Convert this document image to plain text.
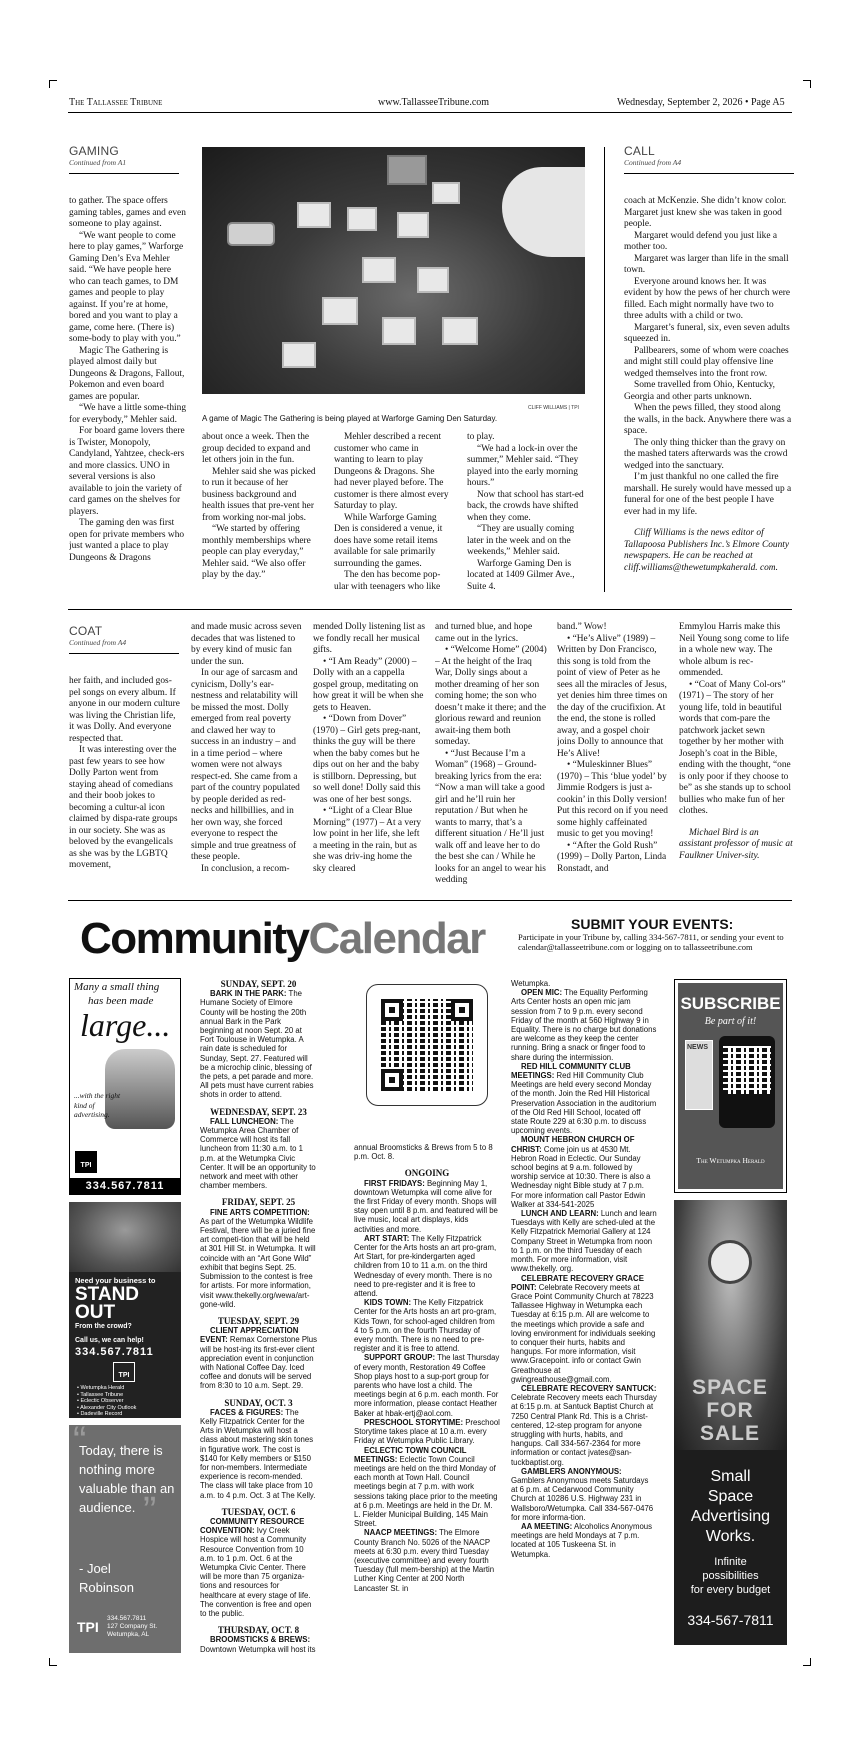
The Tallassee Tribune	www.TallasseeTribune.com	Wednesday, September 2, 2026 • Page A5
GAMING
Continued from A1
CLIFF WILLIAMS | TPI
A game of Magic The Gathering is being played at Warforge Gaming Den Saturday.

to gather. The space offers gaming tables, games and even someone to play against.

“We want people to come here to play games,” Warforge Gaming Den’s Eva Mehler said. “We have people here who can teach games, to DM games and people to play against. If you’re at home, bored and you want to play a game, come here. (There is) some-body to play with you.”

Magic The Gathering is played almost daily but Dungeons & Dragons, Fallout, Pokemon and even board games are popular.

“We have a little some-thing for everybody,” Mehler said.

For board game lovers there is Twister, Monopoly, Candyland, Yahtzee, check-ers and more classics. UNO in several versions is also available to join the variety of card games on the shelves for players.

The gaming den was first open for private members who just wanted a place to play Dungeons & Dragons

about once a week. Then the group decided to expand and let others join in the fun.

Mehler said she was picked to run it because of her business background and health issues that pre-vent her from working nor-mal jobs.

“We started by offering monthly memberships where people can play everyday,” Mehler said. “We also offer play by the day.”

Mehler described a recent customer who came in wanting to learn to play Dungeons & Dragons. She had never played before. The customer is there almost every Saturday to play.

While Warforge Gaming Den is considered a venue, it does have some retail items available for sale primarily surrounding the games.

The den has become pop-ular with teenagers who like

to play.

“We had a lock-in over the summer,” Mehler said. “They played into the early morning hours.”

Now that school has start-ed back, the crowds have shifted when they come.

“They are usually coming later in the week and on the weekends,” Mehler said.

Warforge Gaming Den is located at 1409 Gilmer Ave., Suite 4.

CALL
Continued from A4

coach at McKenzie. She didn’t know color. Margaret just knew she was taken in good people.

Margaret would defend you just like a mother too.

Margaret was larger than life in the small town.

Everyone around knows her. It was evident by how the pews of her church were filled. Each might normally have two to three adults with a child or two.

Margaret’s funeral, six, even seven adults squeezed in.

Pallbearers, some of whom were coaches and might still could play offensive line wedged themselves into the front row.

Some travelled from Ohio, Kentucky, Georgia and other parts unknown.

When the pews filled, they stood along the walls, in the back. Anywhere there was a space.

The only thing thicker than the gravy on the mashed taters afterwards was the crowd wedged into the sanctuary.

I’m just thankful no one called the fire marshall. He surely would have messed up a funeral for one of the best people I have ever had in my life.

Cliff Williams is the news editor of Tallapoosa Publishers Inc.’s Elmore County newspapers. He can be reached at cliff.williams@thewetumpkaherald. com.

COAT
Continued from A4

her faith, and included gos-pel songs on every album. If anyone in our modern culture was living the Christian life, it was Dolly. And everyone respected that.

It was interesting over the past few years to see how Dolly Parton went from staying ahead of comedians and their boob jokes to becoming a cultur-al icon claimed by dispa-rate groups in our society. She was as beloved by the evangelicals as she was by the LGBTQ movement,

and made music across seven decades that was listened to by every kind of music fan under the sun.

In our age of sarcasm and cynicism, Dolly’s ear-nestness and relatability will be missed the most. Dolly emerged from real poverty and clawed her way to success in an industry – and in a time period – where women were not always respect-ed. She came from a part of the country populated by people derided as red-necks and hillbillies, and in her own way, she forced everyone to respect the simple and true greatness of these people.

In conclusion, a recom-

mended Dolly listening list as we fondly recall her musical gifts.

• “I Am Ready” (2000) – Dolly with an a cappella gospel group, meditating on how great it will be when she gets to Heaven.

• “Down from Dover” (1970) – Girl gets preg-nant, thinks the guy will be there when the baby comes but he dips out on her and the baby is stillborn. Depressing, but so well done! Dolly said this was one of her best songs.

• “Light of a Clear Blue Morning” (1977) – At a very low point in her life, she left a meeting in the rain, but as she was driv-ing home the sky cleared

and turned blue, and hope came out in the lyrics.

• “Welcome Home” (2004) – At the height of the Iraq War, Dolly sings about a mother dreaming of her son coming home; the son who doesn’t make it there; and the glorious reward and reunion await-ing them both someday.

• “Just Because I’m a Woman” (1968) – Ground-breaking lyrics from the era: “Now a man will take a good girl and he’ll ruin her reputation / But when he wants to marry, that’s a different situation / He’ll just walk off and leave her to do the best she can / While he looks for an angel to wear his wedding

band.” Wow!

• “He’s Alive” (1989) – Written by Don Francisco, this song is told from the point of view of Peter as he sees all the miracles of Jesus, yet denies him three times on the day of the crucifixion. At the end, the stone is rolled away, and a gospel choir joins Dolly to announce that He’s Alive!

• “Muleskinner Blues” (1970) – This ‘blue yodel’ by Jimmie Rodgers is just a-cookin’ in this Dolly version! Put this record on if you need some highly caffeinated music to get you moving!

• “After the Gold Rush” (1999) – Dolly Parton, Linda Ronstadt, and

Emmylou Harris make this Neil Young song come to life in a whole new way. The whole album is rec-ommended.

• “Coat of Many Col-ors” (1971) – The story of her young life, told in beautiful words that com-pare the patchwork jacket sewn together by her mother with Joseph’s coat in the Bible, ending with the thought, “one is only poor if they choose to be” as she stands up to school bullies who make fun of her clothes.

Michael Bird is an assistant professor of music at Faulkner Univer-sity.

CommunityCalendar	SUBMIT YOUR EVENTS:
Participate in your Tribune by, calling 334-567-7811, or sending your event to calendar@tallasseetribune.com or logging on to tallasseetribune.com
Many a small thing
has been made
large...
...with the right
kind of advertising.
TPI
334.567.7811
Need your business to
STAND
OUT
From the crowd?
Call us, we can help!
334.567.7811
TPI
• Wetumpka Herald
• Tallassee Tribune
• Eclectic Observer
• Alexander City Outlook
• Dadeville Record
“
”
Today, there is nothing more valuable than an audience.
- Joel Robinson
TPI
334.567.7811
127 Company St.
Wetumpka, AL
SUNDAY, SEPT. 20
BARK IN THE PARK: The Humane Society of Elmore County will be hosting the 20th annual Bark in the Park beginning at noon Sept. 20 at Fort Toulouse in Wetumpka. A rain date is scheduled for Sunday, Sept. 27. Featured will be a microchip clinic, blessing of the pets, a pet parade and more. All pets must have current rabies shots in order to attend.
WEDNESDAY, SEPT. 23
FALL LUNCHEON: The Wetumpka Area Chamber of Commerce will host its fall luncheon from 11:30 a.m. to 1 p.m. at the Wetumpka Civic Center. It will be an opportunity to network and meet with other chamber members.
FRIDAY, SEPT. 25
FINE ARTS COMPETITION: As part of the Wetumpka Wildlife Festival, there will be a juried fine art competi-tion that will be held at 301 Hill St. in Wetumpka. It will coincide with an “Art Gone Wild” exhibit that begins Sept. 25. Submission to the contest is free for artists. For more information, visit www.thekelly.org/wewa/art-gone-wild.
TUESDAY, SEPT. 29
CLIENT APPRECIATION EVENT: Remax Cornerstone Plus will be host-ing its first-ever client appreciation event in conjunction with National Coffee Day. Iced coffee and donuts will be served from 8:30 to 10 a.m. Sept. 29.
SUNDAY, OCT. 3
FACES & FIGURES: The Kelly Fitzpatrick Center for the Arts in Wetumpka will host a class about mastering skin tones in figurative work. The cost is $140 for Kelly members or $150 for non-members. Intermediate experience is recom-mended. The class will take place from 10 a.m. to 4 p.m. Oct. 3 at The Kelly.
TUESDAY, OCT. 6
COMMUNITY RESOURCE CONVENTION: Ivy Creek Hospice will host a Community Resource Convention from 10 a.m. to 1 p.m. Oct. 6 at the Wetumpka Civic Center. There will be more than 75 organiza-tions and resources for healthcare at every stage of life. The convention is free and open to the public.
THURSDAY, OCT. 8
BROOMSTICKS & BREWS: Downtown Wetumpka will host its
annual Broomsticks & Brews from 5 to 8 p.m. Oct. 8.
ONGOING
FIRST FRIDAYS: Beginning May 1, downtown Wetumpka will come alive for the first Friday of every month. Shops will stay open until 8 p.m. and featured will be live music, local art displays, kids activities and more.
ART START: The Kelly Fitzpatrick Center for the Arts hosts an art pro-gram, Art Start, for pre-kindergarten aged children from 10 to 11 a.m. on the third Wednesday of every month. There is no need to pre-register and it is free to attend.
KIDS TOWN: The Kelly Fitzpatrick Center for the Arts hosts an art pro-gram, Kids Town, for school-aged children from 4 to 5 p.m. on the fourth Thursday of every month. There is no need to pre-register and it is free to attend.
SUPPORT GROUP: The last Thursday of every month, Restoration 49 Coffee Shop plays host to a sup-port group for parents who have lost a child. The meetings begin at 6 p.m. each month. For more information, please contact Heather Baker at hbak-ertj@aol.com.
PRESCHOOL STORYTIME: Preschool Storytime takes place at 10 a.m. every Friday at Wetumpka Public Library.
ECLECTIC TOWN COUNCIL MEETINGS: Eclectic Town Council meetings are held on the third Monday of each month at Town Hall. Council meetings begin at 7 p.m. with work sessions taking place prior to the meeting at 6 p.m. Meetings are held in the Dr. M. L. Fielder Municipal Building, 145 Main Street.
NAACP MEETINGS: The Elmore County Branch No. 5026 of the NAACP meets at 6:30 p.m. every third Tuesday (executive committee) and every fourth Tuesday (full mem-bership) at the Martin Luther King Center at 200 North Lancaster St. in
Wetumpka.
OPEN MIC: The Equality Performing Arts Center hosts an open mic jam session from 7 to 9 p.m. every second Friday of the month at 560 Highway 9 in Equality. There is no charge but donations are welcome as they keep the center running. Bring a snack or finger food to share during the intermission.
RED HILL COMMUNITY CLUB MEETINGS: Red Hill Community Club Meetings are held every second Monday of the month. Join the Red Hill Historical Preservation Association in the auditorium of the Old Red Hill School, located off state Route 229 at 6:30 p.m. to discuss upcoming events.
MOUNT HEBRON CHURCH OF CHRIST: Come join us at 4530 Mt. Hebron Road in Eclectic. Our Sunday school begins at 9 a.m. followed by worship service at 10:30. There is also a Wednesday night Bible study at 7 p.m. For more information call Pastor Edwin Walker at 334-541-2025
LUNCH AND LEARN: Lunch and learn Tuesdays with Kelly are sched-uled at the Kelly Fitzpatrick Memorial Gallery at 124 Company Street in Wetumpka from noon to 1 p.m. on the third Tuesday of each month. For more information, visit www.thekelly. org.
CELEBRATE RECOVERY GRACE POINT: Celebrate Recovery meets at Grace Point Community Church at 78223 Tallassee Highway in Wetumpka each Tuesday at 6:15 p.m. All are welcome to the meetings which provide a safe and loving environment for individuals seeking to conquer their hurts, habits and hangups. For more information, visit www.Gracepoint. info or contact Gwin Greathouse at gwingreathouse@gmail.com.
CELEBRATE RECOVERY SANTUCK: Celebrate Recovery meets each Thursday at 6:15 p.m. at Santuck Baptist Church at 7250 Central Plank Rd. This is a Christ-centered, 12-step program for anyone struggling with hurts, habits, and hangups. Call 334-567-2364 for more information or contact jvates@san-tuckbaptist.org.
GAMBLERS ANONYMOUS: Gamblers Anonymous meets Saturdays at 6 p.m. at Cedarwood Community Church at 10286 U.S. Highway 231 in Wallsboro/Wetumpka. Call 334-567-0476 for more informa-tion.
AA MEETING: Alcoholics Anonymous meetings are held Mondays at 7 p.m. located at 105 Tuskeena St. in Wetumpka.
SUBSCRIBE
Be part of it!
NEWS
The Wetumpka Herald
SPACE FOR SALE
Small
Space
Advertising
Works.
Infinite
possibilities
for every budget
334-567-7811
